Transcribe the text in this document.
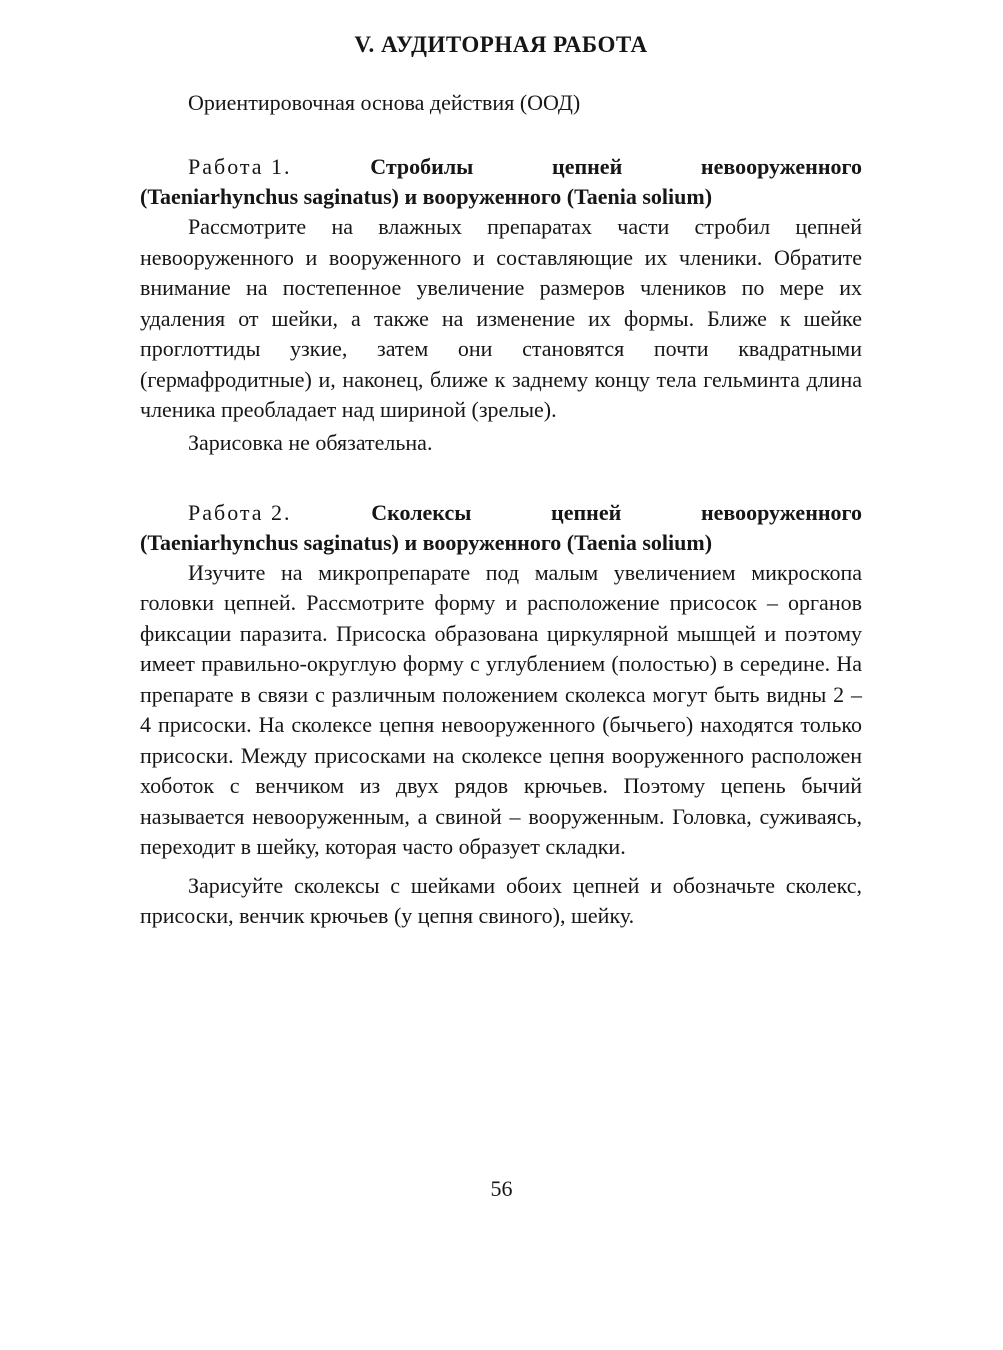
V. АУДИТОРНАЯ РАБОТА
Ориентировочная основа действия (ООД)
Работа 1.	Стробилы	цепней	невооруженного
(Taeniarhynchus saginatus) и вооруженного (Taenia solium)

Рассмотрите на влажных препаратах части стробил цепней невооруженного и вооруженного и составляющие их членики. Обратите внимание на постепенное увеличение размеров члеников по мере их удаления от шейки, а также на изменение их формы. Ближе к шейке проглоттиды узкие, затем они становятся почти квадратными (гермафродитные) и, наконец, ближе к заднему концу тела гельминта длина членика преобладает над шириной (зрелые).

Зарисовка не обязательна.
Работа 2.	Сколексы	цепней	невооруженного
(Taeniarhynchus saginatus) и вооруженного (Taenia solium)

Изучите на микропрепарате под малым увеличением микроскопа головки цепней. Рассмотрите форму и расположение присосок – органов фиксации паразита. Присоска образована циркулярной мышцей и поэтому имеет правильно-округлую форму с углублением (полостью) в середине. На препарате в связи с различным положением сколекса могут быть видны 2 – 4 присоски. На сколексе цепня невооруженного (бычьего) находятся только присоски. Между присосками на сколексе цепня вооруженного расположен хоботок с венчиком из двух рядов крючьев. Поэтому цепень бычий называется невооруженным, а свиной – вооруженным. Головка, суживаясь, переходит в шейку, которая часто образует складки.

Зарисуйте сколексы с шейками обоих цепней и обозначьте сколекс, присоски, венчик крючьев (у цепня свиного), шейку.

56
